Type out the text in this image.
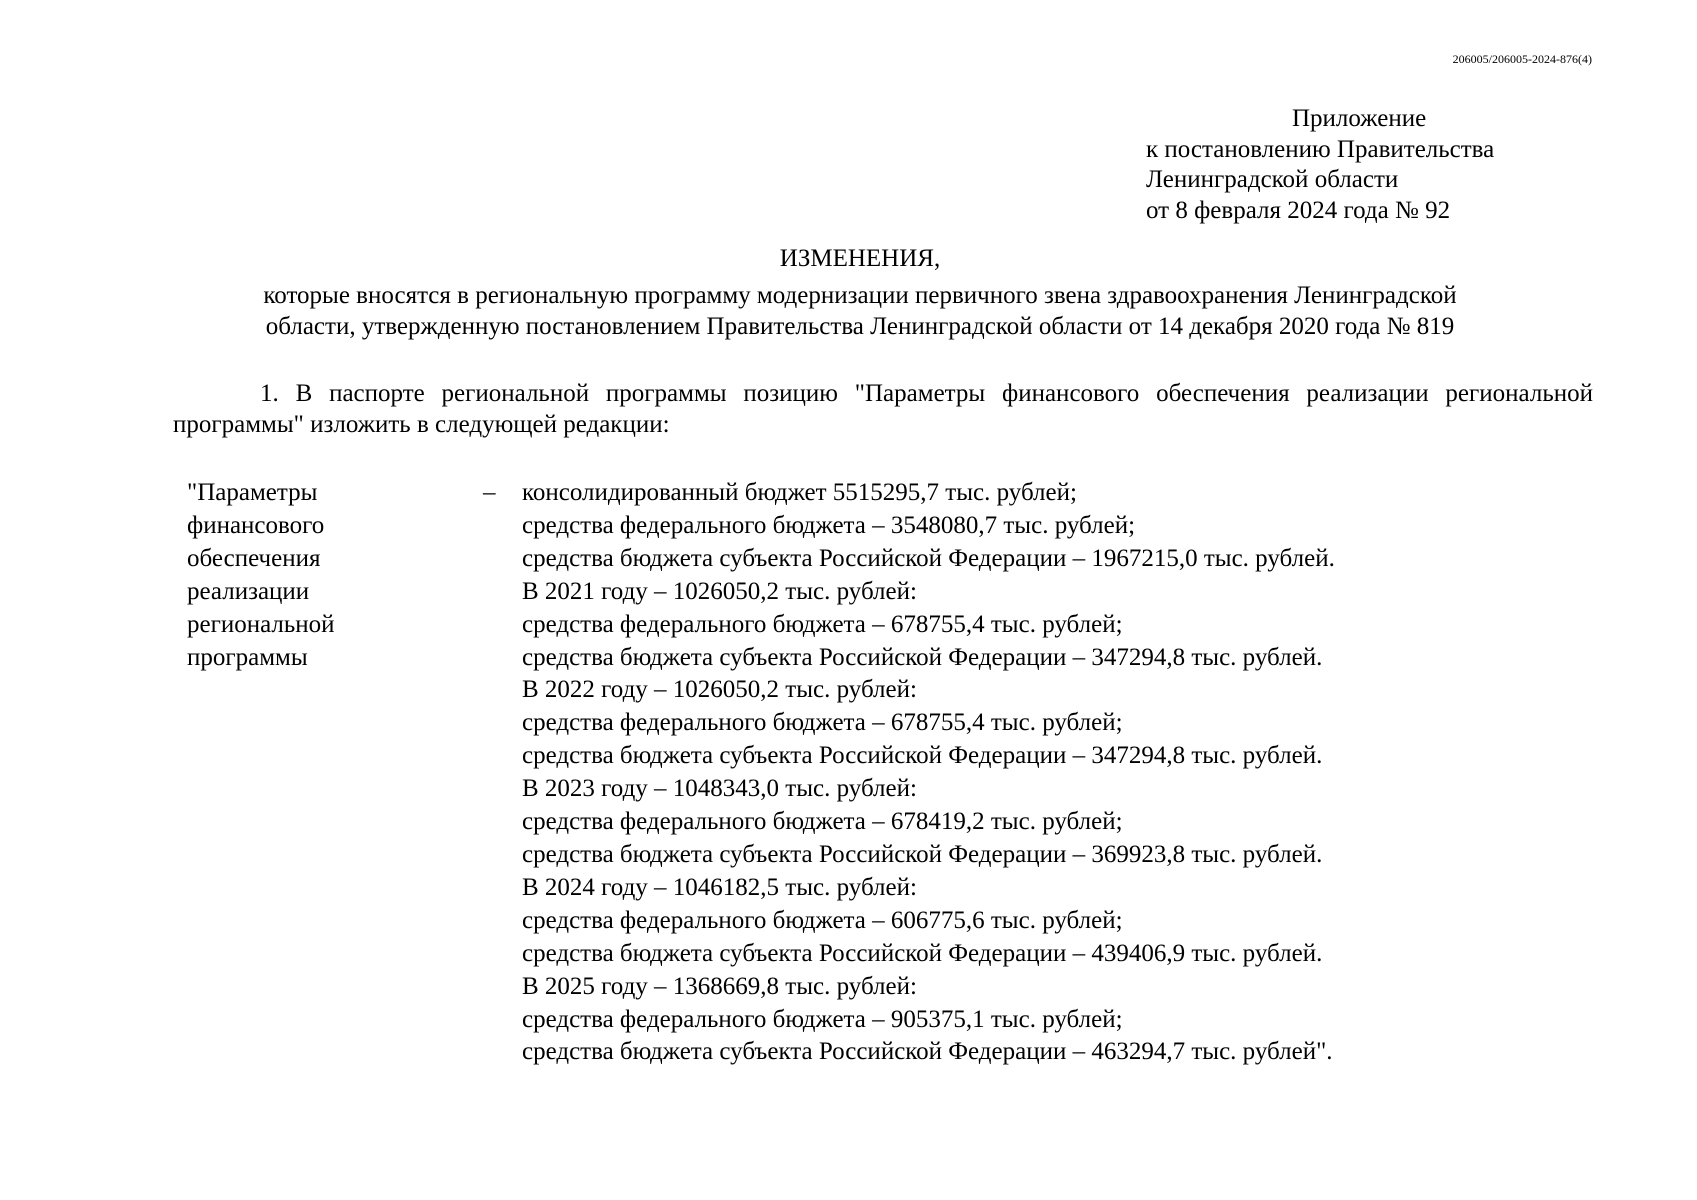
206005/206005-2024-876(4)
Приложение
к постановлению Правительства
Ленинградской области
от 8 февраля 2024 года № 92
ИЗМЕНЕНИЯ,
которые вносятся в региональную программу модернизации первичного звена здравоохранения Ленинградской
области, утвержденную постановлением Правительства Ленинградской области от 14 декабря 2020 года № 819
1. В паспорте региональной программы позицию "Параметры финансового обеспечения реализации региональной программы" изложить в следующей редакции:
"Параметры
финансового
обеспечения
реализации
региональной
программы
– консолидированный бюджет 5515295,7 тыс. рублей;
средства федерального бюджета – 3548080,7 тыс. рублей;
средства бюджета субъекта Российской Федерации – 1967215,0 тыс. рублей.
В 2021 году – 1026050,2 тыс. рублей:
средства федерального бюджета – 678755,4 тыс. рублей;
средства бюджета субъекта Российской Федерации – 347294,8 тыс. рублей.
В 2022 году – 1026050,2 тыс. рублей:
средства федерального бюджета – 678755,4 тыс. рублей;
средства бюджета субъекта Российской Федерации – 347294,8 тыс. рублей.
В 2023 году – 1048343,0 тыс. рублей:
средства федерального бюджета – 678419,2 тыс. рублей;
средства бюджета субъекта Российской Федерации – 369923,8 тыс. рублей.
В 2024 году – 1046182,5 тыс. рублей:
средства федерального бюджета – 606775,6 тыс. рублей;
средства бюджета субъекта Российской Федерации – 439406,9 тыс. рублей.
В 2025 году – 1368669,8 тыс. рублей:
средства федерального бюджета – 905375,1 тыс. рублей;
средства бюджета субъекта Российской Федерации – 463294,7 тыс. рублей".
